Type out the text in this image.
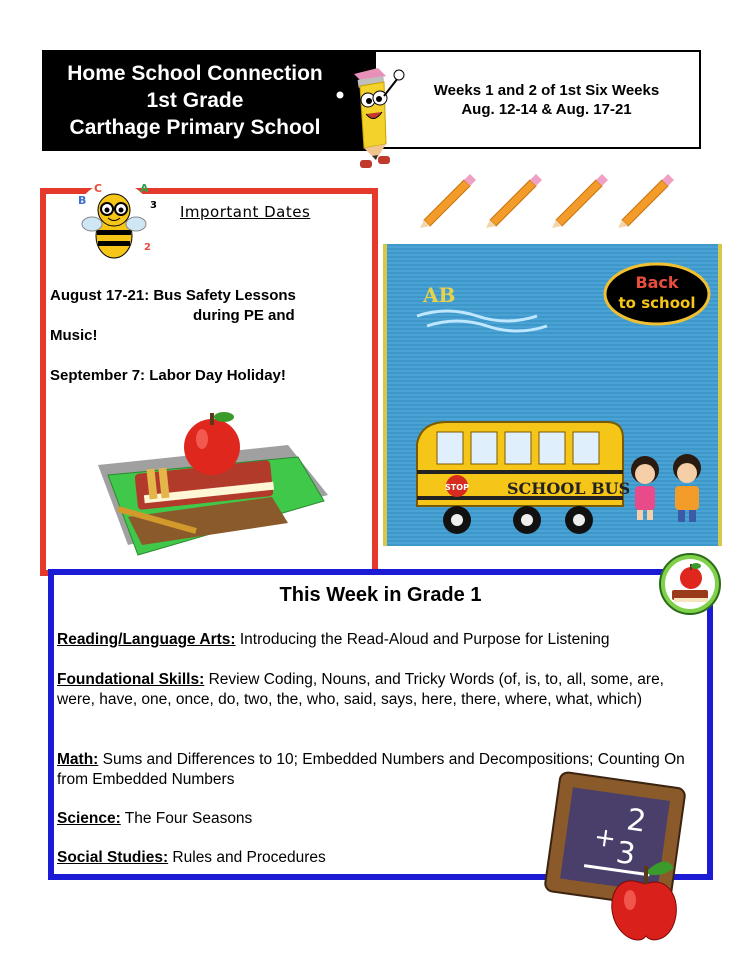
Home School Connection
1st Grade
Carthage Primary School
Weeks 1 and 2 of 1st Six Weeks
Aug. 12-14 & Aug. 17-21
B
C	A
3
2
Important Dates
August 17-21: Bus Safety Lessons
during PE and
Music!
September 7: Labor Day Holiday!
AB
Back
to school
SCHOOL BUS
STOP
This Week in Grade 1
Reading/Language Arts: Introducing the Read-Aloud and Purpose for Listening
Foundational Skills: Review Coding, Nouns, and Tricky Words (of, is, to, all, some, are, were, have, one, once, do, two, the, who, said, says, here, there, where, what, which)
Math: Sums and Differences to 10; Embedded Numbers and Decompositions; Counting On from Embedded Numbers
Science: The Four Seasons
Social Studies: Rules and Procedures
2
+
3
